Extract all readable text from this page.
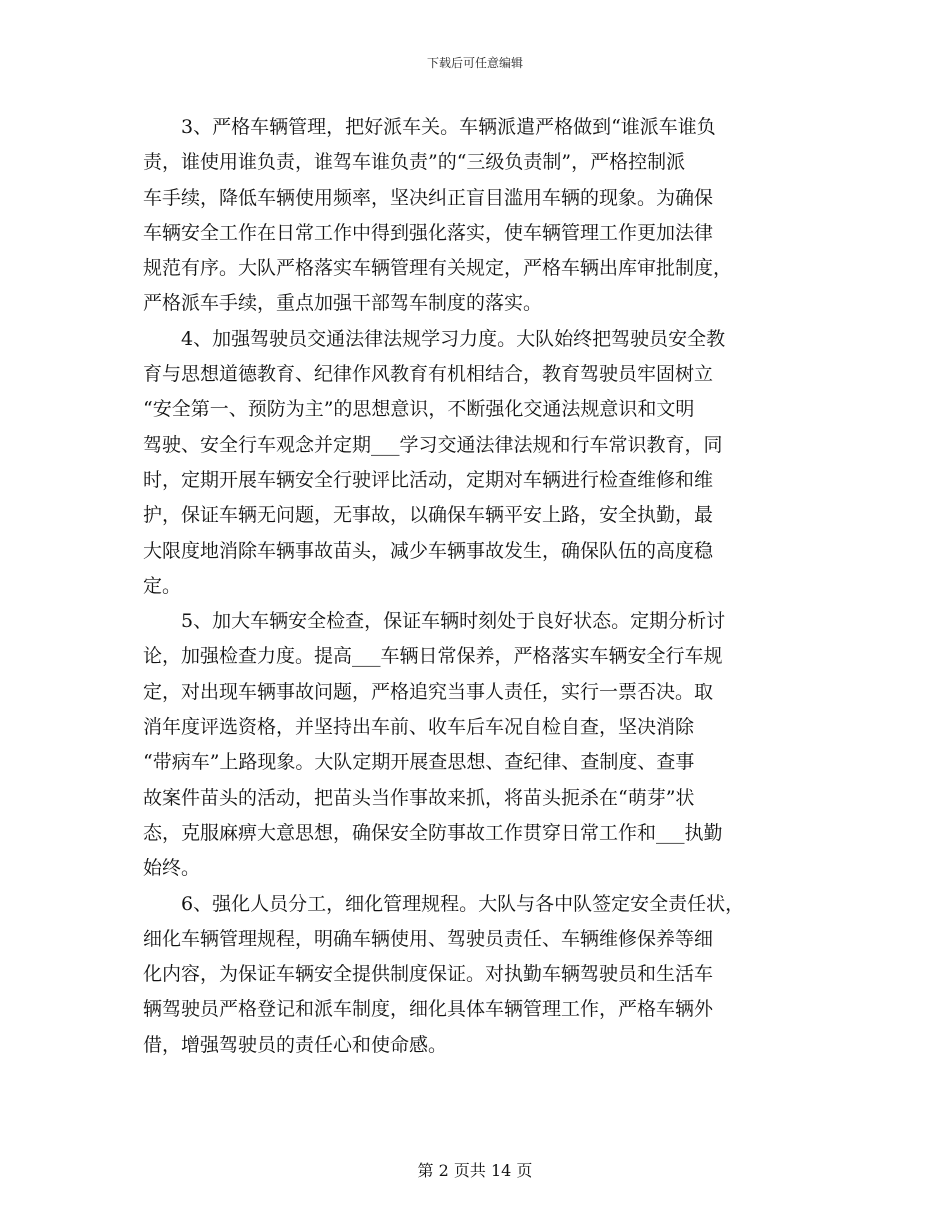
下载后可任意编辑
3、严格车辆管理，把好派车关。车辆派遣严格做到“谁派车谁负
责，谁使用谁负责，谁驾车谁负责”的“三级负责制”，严格控制派
车手续，降低车辆使用频率，坚决纠正盲目滥用车辆的现象。为确保
车辆安全工作在日常工作中得到强化落实，使车辆管理工作更加法律
规范有序。大队严格落实车辆管理有关规定，严格车辆出库审批制度，
严格派车手续，重点加强干部驾车制度的落实。
4、加强驾驶员交通法律法规学习力度。大队始终把驾驶员安全教
育与思想道德教育、纪律作风教育有机相结合，教育驾驶员牢固树立
“安全第一、预防为主”的思想意识，不断强化交通法规意识和文明
驾驶、安全行车观念并定期___学习交通法律法规和行车常识教育，同
时，定期开展车辆安全行驶评比活动，定期对车辆进行检查维修和维
护，保证车辆无问题，无事故，以确保车辆平安上路，安全执勤，最
大限度地消除车辆事故苗头，减少车辆事故发生，确保队伍的高度稳
定。
5、加大车辆安全检查，保证车辆时刻处于良好状态。定期分析讨
论，加强检查力度。提高___车辆日常保养，严格落实车辆安全行车规
定，对出现车辆事故问题，严格追究当事人责任，实行一票否决。取
消年度评选资格，并坚持出车前、收车后车况自检自查，坚决消除
“带病车”上路现象。大队定期开展查思想、查纪律、查制度、查事
故案件苗头的活动，把苗头当作事故来抓，将苗头扼杀在“萌芽”状
态，克服麻痹大意思想，确保安全防事故工作贯穿日常工作和___执勤
始终。
6、强化人员分工，细化管理规程。大队与各中队签定安全责任状，
细化车辆管理规程，明确车辆使用、驾驶员责任、车辆维修保养等细
化内容，为保证车辆安全提供制度保证。对执勤车辆驾驶员和生活车
辆驾驶员严格登记和派车制度，细化具体车辆管理工作，严格车辆外
借，增强驾驶员的责任心和使命感。
第 2 页共 14 页
